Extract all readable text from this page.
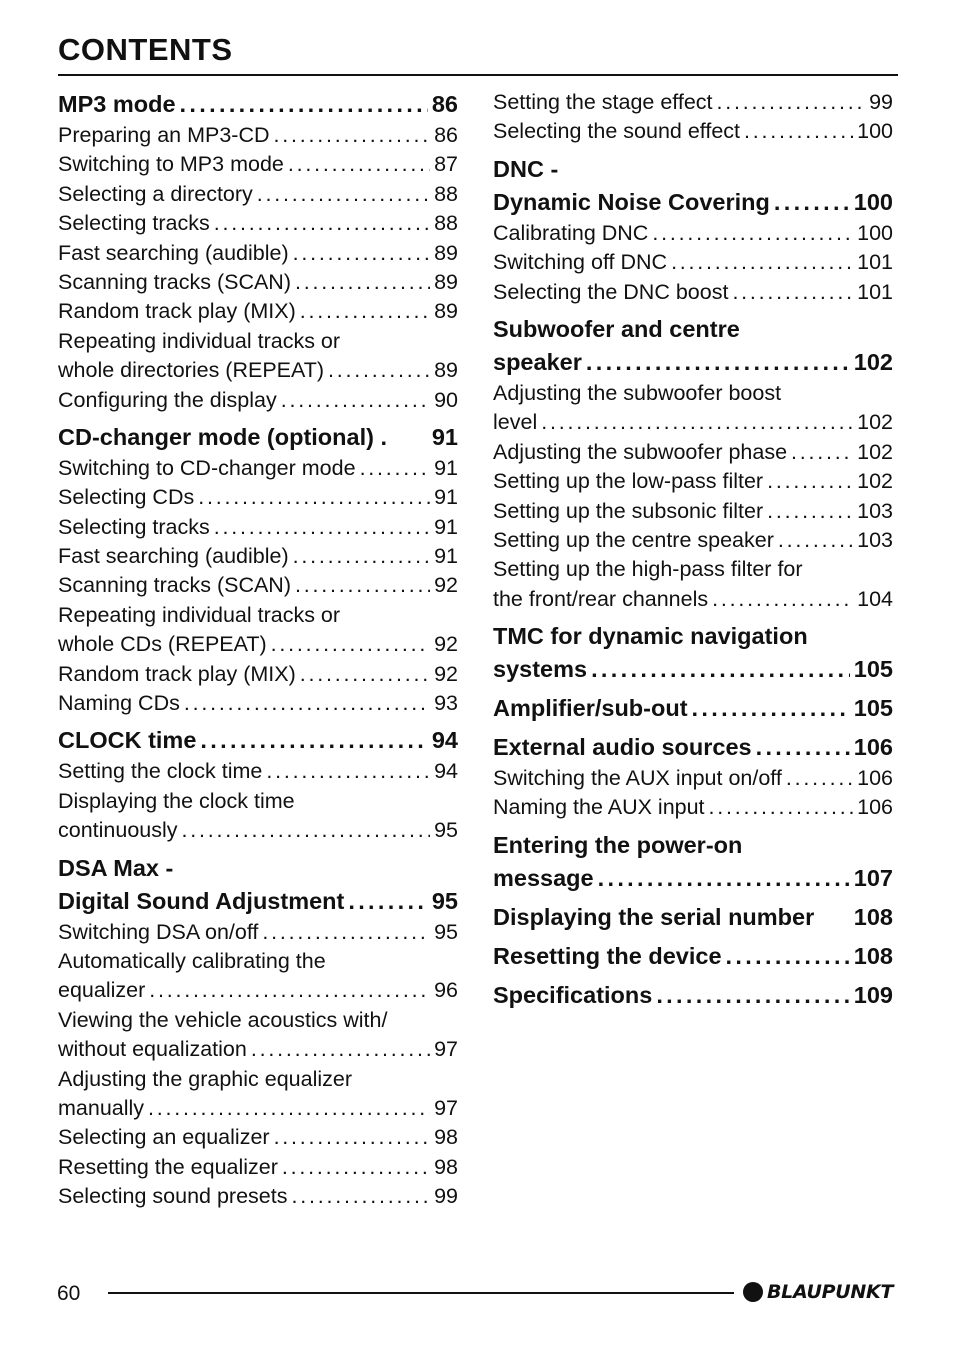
CONTENTS
MP3 mode . . .	86
Preparing an MP3-CD . . .	86
Switching to MP3 mode . . .	87
Selecting a directory . . .	88
Selecting tracks . . .	88
Fast searching (audible) . . .	89
Scanning tracks (SCAN) . . .	89
Random track play (MIX) . . .	89
Repeating individual tracks or
whole directories (REPEAT) . . .	89
Configuring the display . . .	90
CD-changer mode (optional) . 91
Switching to CD-changer mode . . .	91
Selecting CDs . . .	91
Selecting tracks . . .	91
Fast searching (audible) . . .	91
Scanning tracks (SCAN) . . .	92
Repeating individual tracks or
whole CDs (REPEAT) . . .	92
Random track play (MIX) . . .	92
Naming CDs . . .	93
CLOCK time . . .	94
Setting the clock time . . .	94
Displaying the clock time
continuously . . .	95
DSA Max -
Digital Sound Adjustment . . .	95
Switching DSA on/off . . .	95
Automatically calibrating the
equalizer . . .	96
Viewing the vehicle acoustics with/
without equalization . . .	97
Adjusting the graphic equalizer
manually . . .	97
Selecting an equalizer . . .	98
Resetting the equalizer . . .	98
Selecting sound presets . . .	99
Setting the stage effect . . .	99
Selecting the sound effect . . .	100
DNC -
Dynamic Noise Covering . . .	100
Calibrating DNC . . .	100
Switching off DNC . . .	101
Selecting the DNC boost . . .	101
Subwoofer and centre
speaker . . .	102
Adjusting the subwoofer boost
level . . .	102
Adjusting the subwoofer phase . . .	102
Setting up the low-pass filter . . .	102
Setting up the subsonic filter . . .	103
Setting up the centre speaker . . .	103
Setting up the high-pass filter for
the front/rear channels . . .	104
TMC for dynamic navigation
systems . . .	105
Amplifier/sub-out . . .	105
External audio sources . . .	106
Switching the AUX input on/off . . .	106
Naming the AUX input . . .	106
Entering the power-on
message . . .	107
Displaying the serial number 108
Resetting the device . . .	108
Specifications . . .	109
60	BLAUPUNKT
